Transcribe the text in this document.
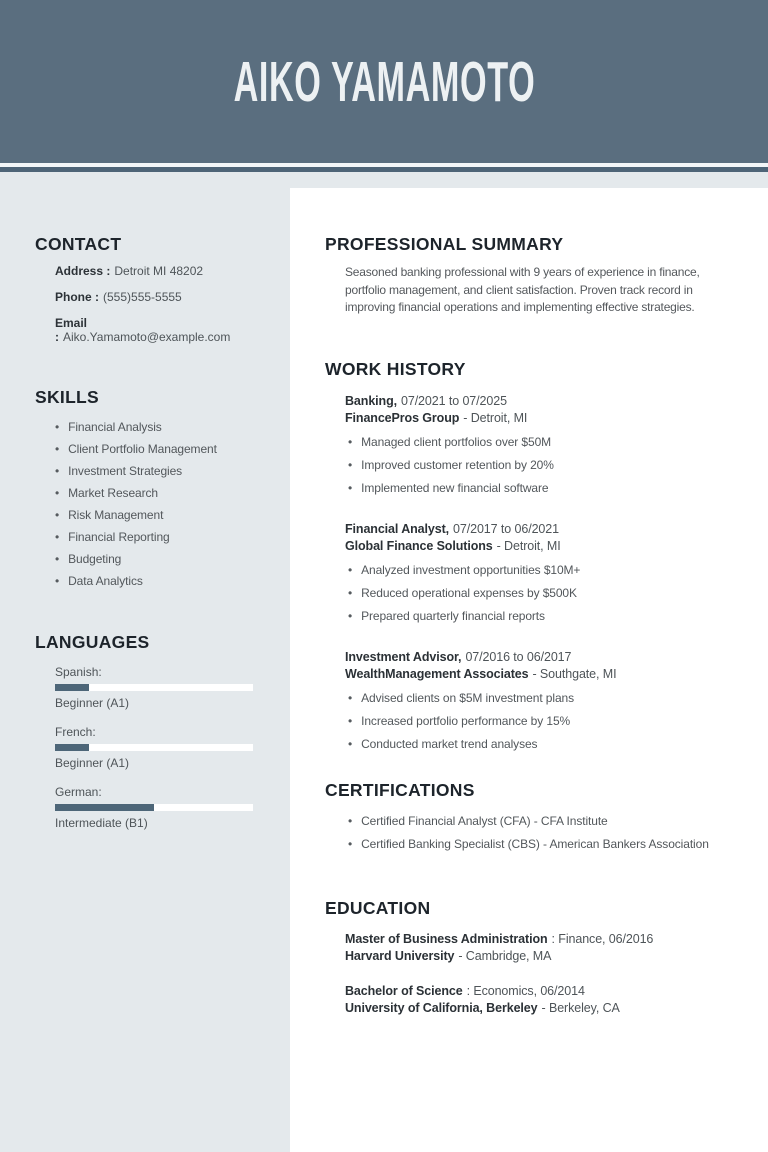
AIKO YAMAMOTO
CONTACT
Address : Detroit MI 48202
Phone : (555)555-5555
Email : Aiko.Yamamoto@example.com
SKILLS
• Financial Analysis
• Client Portfolio Management
• Investment Strategies
• Market Research
• Risk Management
• Financial Reporting
• Budgeting
• Data Analytics
LANGUAGES
Spanish:
Beginner (A1)
French:
Beginner (A1)
German:
Intermediate (B1)
PROFESSIONAL SUMMARY

Seasoned banking professional with 9 years of experience in finance, portfolio management, and client satisfaction. Proven track record in improving financial operations and implementing effective strategies.

WORK HISTORY
Banking, 07/2021 to 07/2025
FinancePros Group - Detroit, MI
• Managed client portfolios over $50M
• Improved customer retention by 20%
• Implemented new financial software
Financial Analyst, 07/2017 to 06/2021
Global Finance Solutions - Detroit, MI
• Analyzed investment opportunities $10M+
• Reduced operational expenses by $500K
• Prepared quarterly financial reports
Investment Advisor, 07/2016 to 06/2017
WealthManagement Associates - Southgate, MI
• Advised clients on $5M investment plans
• Increased portfolio performance by 15%
• Conducted market trend analyses
CERTIFICATIONS
• Certified Financial Analyst (CFA) - CFA Institute
• Certified Banking Specialist (CBS) - American Bankers Association
EDUCATION
Master of Business Administration : Finance, 06/2016
Harvard University - Cambridge, MA
Bachelor of Science : Economics, 06/2014
University of California, Berkeley - Berkeley, CA
